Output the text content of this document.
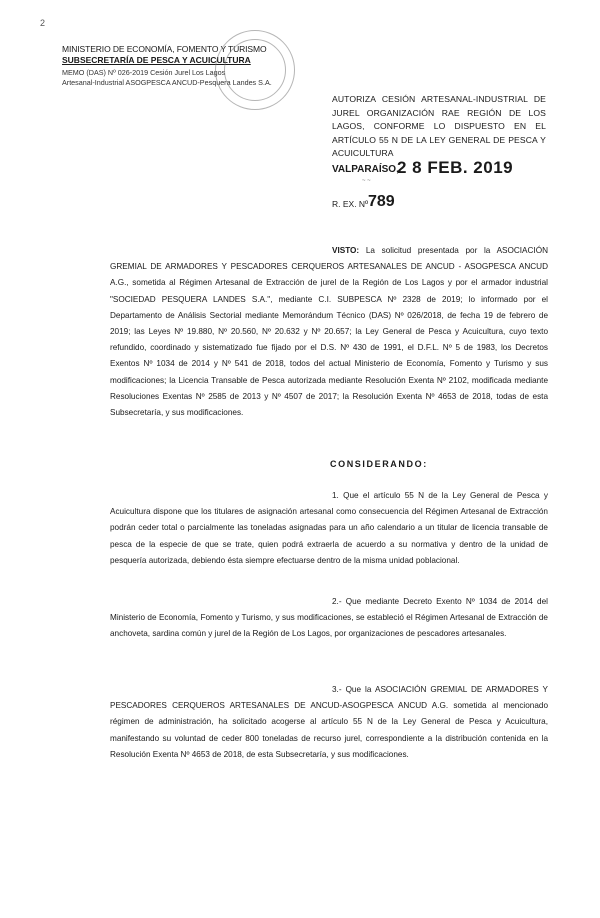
2
MINISTERIO DE ECONOMÍA, FOMENTO Y TURISMO
SUBSECRETARÍA DE PESCA Y ACUICULTURA
MEMO (DAS) Nº 026-2019 Cesión Jurel Los Lagos
Artesanal-Industrial ASOGPESCA ANCUD-Pesquera Landes S.A.
AUTORIZA CESIÓN ARTESANAL-INDUSTRIAL DE JUREL ORGANIZACIÓN RAE REGIÓN DE LOS LAGOS, CONFORME LO DISPUESTO EN EL ARTÍCULO 55 N DE LA LEY GENERAL DE PESCA Y ACUICULTURA
VALPARAÍSO,
2 8 FEB. 2019
~ ~
R. EX. Nº 789
VISTO: La solicitud presentada por la ASOCIACIÓN GREMIAL DE ARMADORES Y PESCADORES CERQUEROS ARTESANALES DE ANCUD - ASOGPESCA ANCUD A.G., sometida al Régimen Artesanal de Extracción de jurel de la Región de Los Lagos y por el armador industrial "SOCIEDAD PESQUERA LANDES S.A.", mediante C.I. SUBPESCA Nº 2328 de 2019; lo informado por el Departamento de Análisis Sectorial mediante Memorándum Técnico (DAS) Nº 026/2018, de fecha 19 de febrero de 2019; las Leyes Nº 19.880, Nº 20.560, Nº 20.632 y Nº 20.657; la Ley General de Pesca y Acuicultura, cuyo texto refundido, coordinado y sistematizado fue fijado por el D.S. Nº 430 de 1991, el D.F.L. Nº 5 de 1983, los Decretos Exentos Nº 1034 de 2014 y Nº 541 de 2018, todos del actual Ministerio de Economía, Fomento y Turismo y sus modificaciones; la Licencia Transable de Pesca autorizada mediante Resolución Exenta Nº 2102, modificada mediante Resoluciones Exentas Nº 2585 de 2013 y Nº 4507 de 2017; la Resolución Exenta Nº 4653 de 2018, todas de esta Subsecretaría, y sus modificaciones.
CONSIDERANDO:
1. Que el artículo 55 N de la Ley General de Pesca y Acuicultura dispone que los titulares de asignación artesanal como consecuencia del Régimen Artesanal de Extracción podrán ceder total o parcialmente las toneladas asignadas para un año calendario a un titular de licencia transable de pesca de la especie de que se trate, quien podrá extraerla de acuerdo a su normativa y dentro de la unidad de pesquería autorizada, debiendo ésta siempre efectuarse dentro de la misma unidad poblacional.
2.- Que mediante Decreto Exento Nº 1034 de 2014 del Ministerio de Economía, Fomento y Turismo, y sus modificaciones, se estableció el Régimen Artesanal de Extracción de anchoveta, sardina común y jurel de la Región de Los Lagos, por organizaciones de pescadores artesanales.
3.- Que la ASOCIACIÓN GREMIAL DE ARMADORES Y PESCADORES CERQUEROS ARTESANALES DE ANCUD-ASOGPESCA ANCUD A.G. sometida al mencionado régimen de administración, ha solicitado acogerse al artículo 55 N de la Ley General de Pesca y Acuicultura, manifestando su voluntad de ceder 800 toneladas de recurso jurel, correspondiente a la distribución contenida en la Resolución Exenta Nº 4653 de 2018, de esta Subsecretaría, y sus modificaciones.
